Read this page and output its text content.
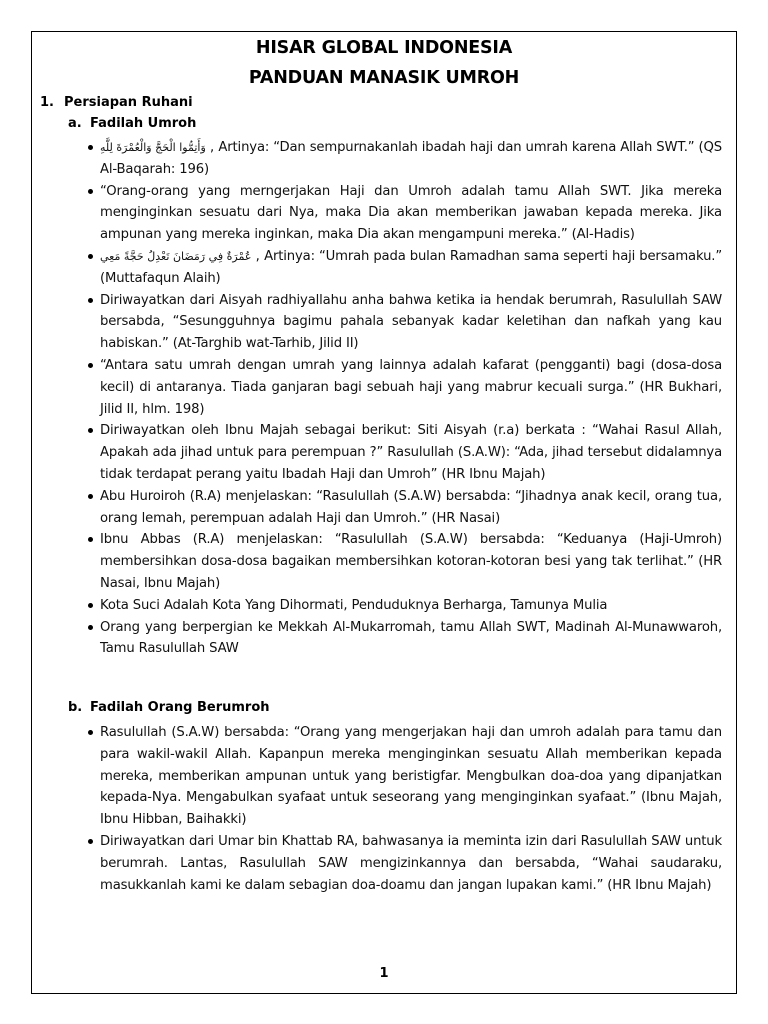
HISAR GLOBAL INDONESIA
PANDUAN MANASIK UMROH
1. Persiapan Ruhani
a. Fadilah Umroh
وَأَتِمُّوا الْحَجَّ وَالْعُمْرَةَ لِلَّهِ , Artinya: “Dan sempurnakanlah ibadah haji dan umrah karena Allah SWT.” (QS Al-Baqarah: 196)
“Orang-orang yang merngerjakan Haji dan Umroh adalah tamu Allah SWT. Jika mereka menginginkan sesuatu dari Nya, maka Dia akan memberikan jawaban kepada mereka. Jika ampunan yang mereka inginkan, maka Dia akan mengampuni mereka.” (Al-Hadis)
عُمْرَةٌ فِي رَمَضَانَ تَعْدِلُ حَجَّةً مَعِي , Artinya: “Umrah pada bulan Ramadhan sama seperti haji bersamaku.” (Muttafaqun Alaih)
Diriwayatkan dari Aisyah radhiyallahu anha bahwa ketika ia hendak berumrah, Rasulullah SAW bersabda, “Sesungguhnya bagimu pahala sebanyak kadar keletihan dan nafkah yang kau habiskan.” (At-Targhib wat-Tarhib, Jilid II)
“Antara satu umrah dengan umrah yang lainnya adalah kafarat (pengganti) bagi (dosa-dosa kecil) di antaranya. Tiada ganjaran bagi sebuah haji yang mabrur kecuali surga.” (HR Bukhari, Jilid II, hlm. 198)
Diriwayatkan oleh Ibnu Majah sebagai berikut: Siti Aisyah (r.a) berkata : “Wahai Rasul Allah, Apakah ada jihad untuk para perempuan ?” Rasulullah (S.A.W): “Ada, jihad tersebut didalamnya tidak terdapat perang yaitu Ibadah Haji dan Umroh” (HR Ibnu Majah)
Abu Huroiroh (R.A) menjelaskan: “Rasulullah (S.A.W) bersabda: “Jihadnya anak kecil, orang tua, orang lemah, perempuan adalah Haji dan Umroh.” (HR Nasai)
Ibnu Abbas (R.A) menjelaskan: “Rasulullah (S.A.W) bersabda: “Keduanya (Haji-Umroh) membersihkan dosa-dosa bagaikan membersihkan kotoran-kotoran besi yang tak terlihat.” (HR Nasai, Ibnu Majah)
Kota Suci Adalah Kota Yang Dihormati, Penduduknya Berharga, Tamunya Mulia
Orang yang berpergian ke Mekkah Al-Mukarromah, tamu Allah SWT, Madinah Al-Munawwaroh, Tamu Rasulullah SAW
b. Fadilah Orang Berumroh
Rasulullah (S.A.W) bersabda: “Orang yang mengerjakan haji dan umroh adalah para tamu dan para wakil-wakil Allah. Kapanpun mereka menginginkan sesuatu Allah memberikan kepada mereka, memberikan ampunan untuk yang beristigfar. Mengbulkan doa-doa yang dipanjatkan kepada-Nya. Mengabulkan syafaat untuk seseorang yang menginginkan syafaat.” (Ibnu Majah, Ibnu Hibban, Baihakki)
Diriwayatkan dari Umar bin Khattab RA, bahwasanya ia meminta izin dari Rasulullah SAW untuk berumrah. Lantas, Rasulullah SAW mengizinkannya dan bersabda, “Wahai saudaraku, masukkanlah kami ke dalam sebagian doa-doamu dan jangan lupakan kami.” (HR Ibnu Majah)
1
